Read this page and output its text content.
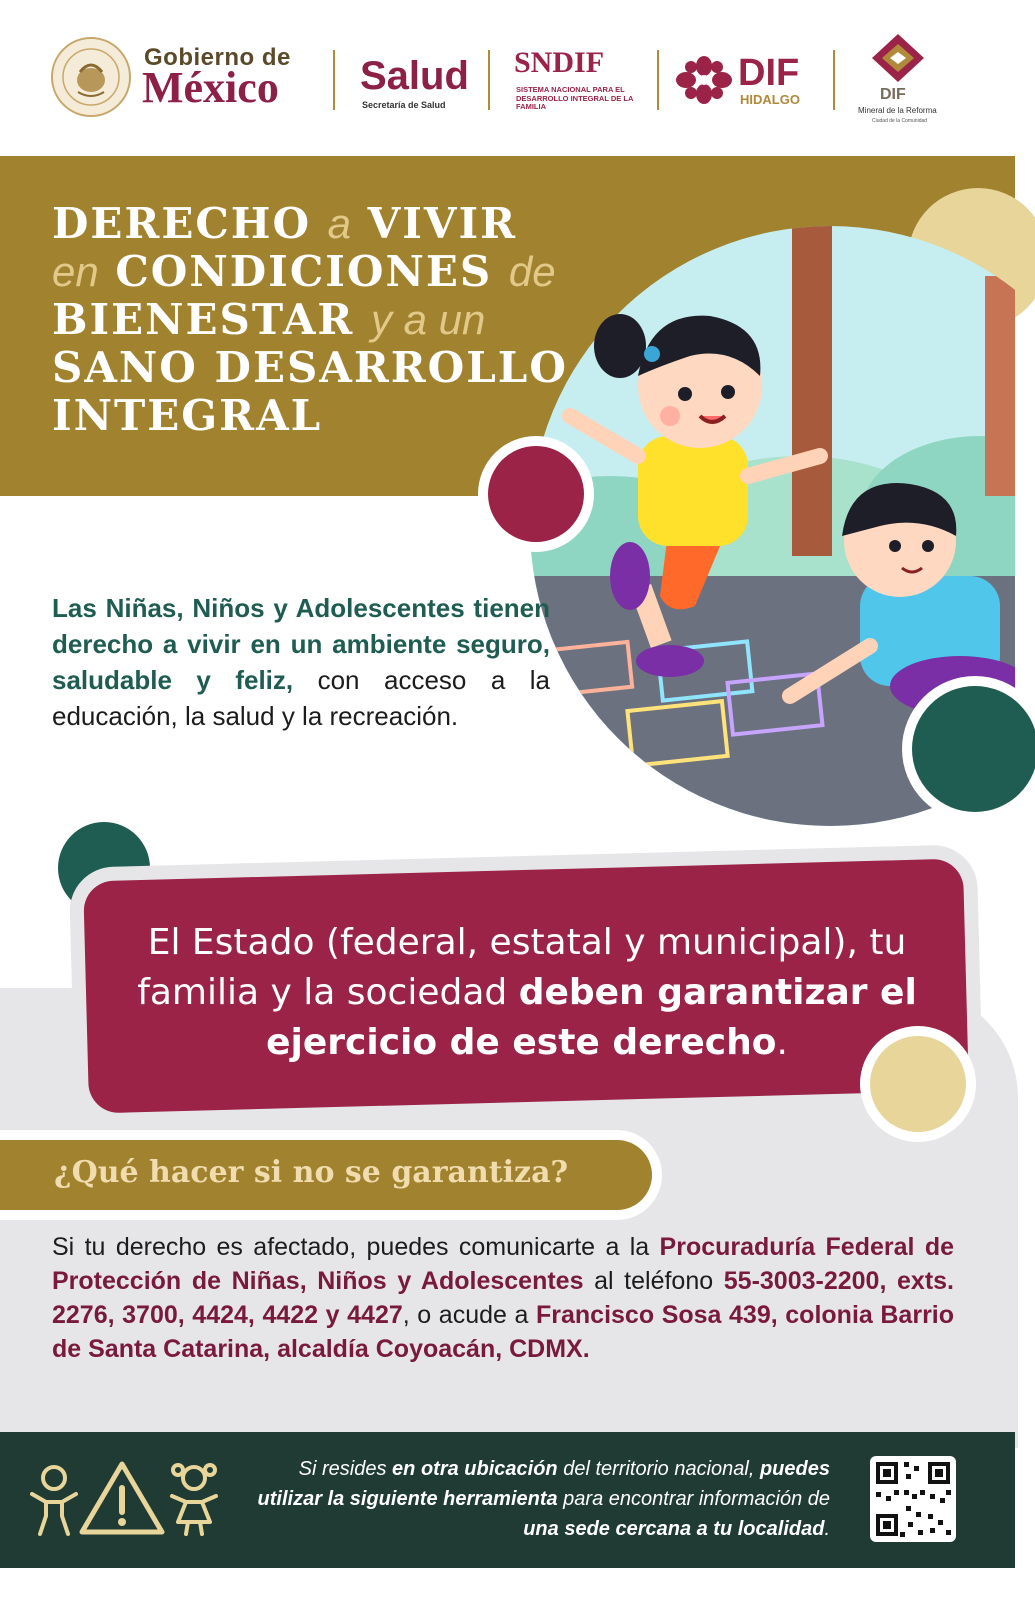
Gobierno de
México Salud
Secretaría de Salud
SNDIF
SISTEMA NACIONAL PARA EL DESARROLLO INTEGRAL DE LA FAMILIA
DIF
HIDALGO	DIF
Mineral de la Reforma
Ciudad de la Comunidad
DERECHO a VIVIR
en CONDICIONES de
BIENESTAR y a un
SANO DESARROLLO
INTEGRAL
Las Niñas, Niños y Adolescentes tienen derecho a vivir en un ambiente seguro, saludable y feliz, con acceso a la educación, la salud y la recreación.
El Estado (federal, estatal y municipal), tu familia y la sociedad deben garantizar el ejercicio de este derecho.
¿Qué hacer si no se garantiza?
Si tu derecho es afectado, puedes comunicarte a la Procuraduría Federal de Protección de Niñas, Niños y Adolescentes al teléfono 55-3003-2200, exts. 2276, 3700, 4424, 4422 y 4427, o acude a Francisco Sosa 439, colonia Barrio de Santa Catarina, alcaldía Coyoacán, CDMX.
Si resides en otra ubicación del territorio nacional, puedes utilizar la siguiente herramienta para encontrar información de una sede cercana a tu localidad.
